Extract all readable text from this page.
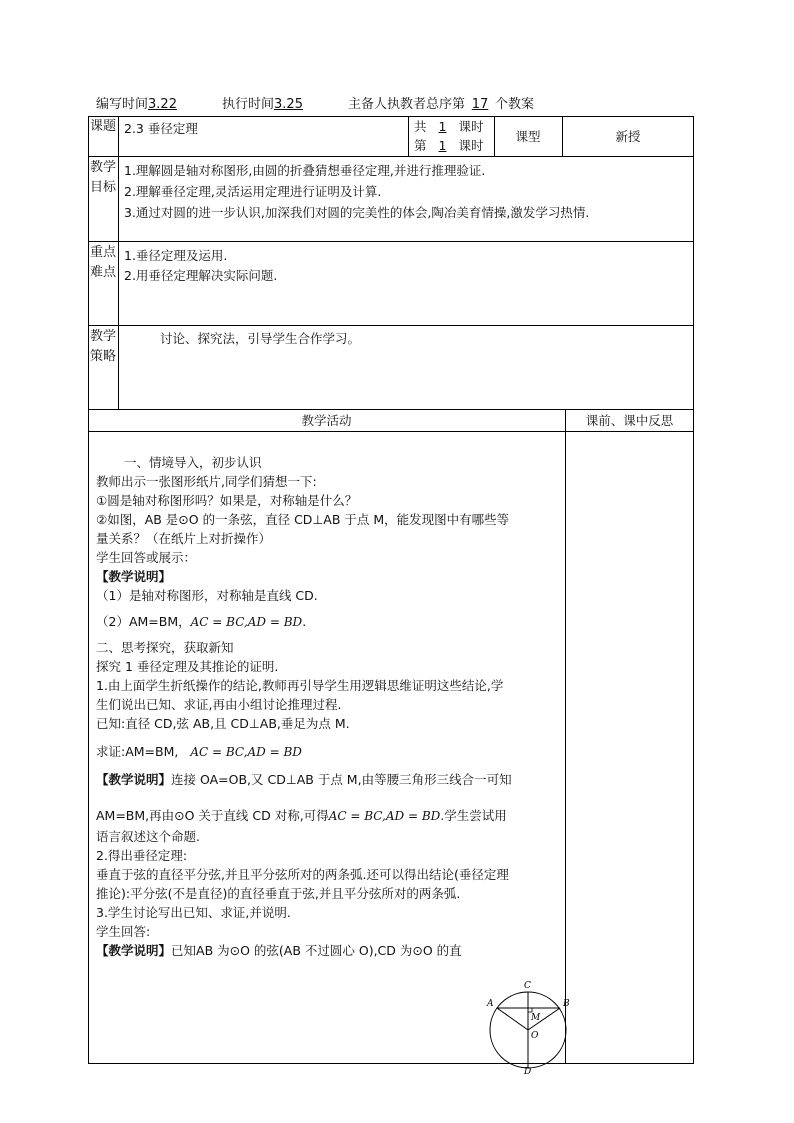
编写时间3.22	执行时间3.25	主备人执教者总序第 17 个教案
课题 2.3 垂径定理	共 1 课时
第 1 课时
课型	新授
教学目标
1.理解圆是轴对称图形,由圆的折叠猜想垂径定理,并进行推理验证.
2.理解垂径定理,灵活运用定理进行证明及计算.
3.通过对圆的进一步认识,加深我们对圆的完美性的体会,陶冶美育情操,激发学习热情.
重点难点
1.垂径定理及运用.
2.用垂径定理解决实际问题.
教学策略
讨论、探究法，引导学生合作学习。
教学活动	课前、课中反思
一、情境导入，初步认识
教师出示一张图形纸片,同学们猜想一下:
①圆是轴对称图形吗？如果是，对称轴是什么？
②如图，AB 是⊙O 的一条弦，直径 CD⊥AB 于点 M，能发现图中有哪些等
量关系？（在纸片上对折操作）
学生回答或展示：
【教学说明】
（1）是轴对称图形，对称轴是直线 CD.
（2）AM=BM，AC = BC,AD = BD.
二、思考探究，获取新知
探究 1 垂径定理及其推论的证明.
1.由上面学生折纸操作的结论,教师再引导学生用逻辑思维证明这些结论,学
生们说出已知、求证,再由小组讨论推理过程.
已知:直径 CD,弦 AB,且 CD⊥AB,垂足为点 M.
求证:AM=BM, AC = BC,AD = BD
【教学说明】连接 OA=OB,又 CD⊥AB 于点 M,由等腰三角形三线合一可知
AM=BM,再由⊙O 关于直线 CD 对称,可得AC = BC,AD = BD.学生尝试用
语言叙述这个命题.
2.得出垂径定理:
垂直于弦的直径平分弦,并且平分弦所对的两条弧.还可以得出结论(垂径定理
推论):平分弦(不是直径)的直径垂直于弦,并且平分弦所对的两条弧.
3.学生讨论写出已知、求证,并说明.
学生回答:
【教学说明】已知AB 为⊙O 的弦(AB 不过圆心 O),CD 为⊙O 的直
C
A	B
M
O
D
